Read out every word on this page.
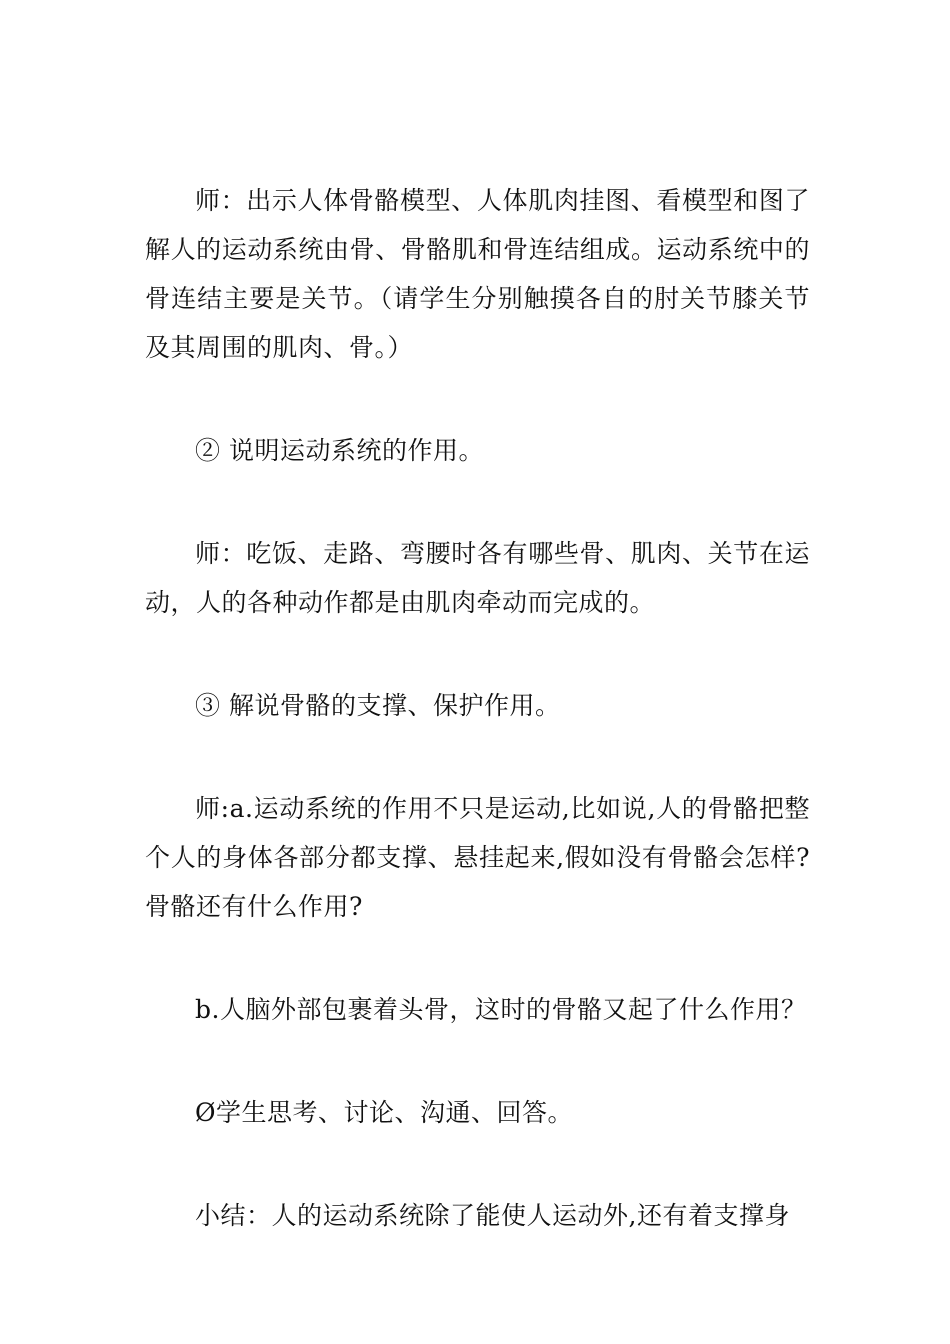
师：出示人体骨骼模型、人体肌肉挂图、看模型和图了解人的运动系统由骨、骨骼肌和骨连结组成。运动系统中的骨连结主要是关节。（请学生分别触摸各自的肘关节膝关节及其周围的肌肉、骨。）

② 说明运动系统的作用。

师：吃饭、走路、弯腰时各有哪些骨、肌肉、关节在运动，人的各种动作都是由肌肉牵动而完成的。

③ 解说骨骼的支撑、保护作用。

师:a.运动系统的作用不只是运动,比如说,人的骨骼把整个人的身体各部分都支撑、悬挂起来,假如没有骨骼会怎样?骨骼还有什么作用?

b.人脑外部包裹着头骨，这时的骨骼又起了什么作用？

Ø学生思考、讨论、沟通、回答。

小结：人的运动系统除了能使人运动外,还有着支撑身
